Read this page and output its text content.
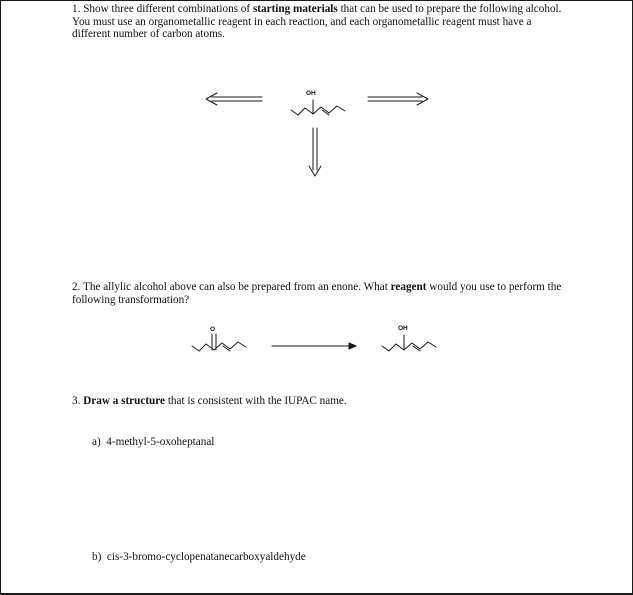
1. Show three different combinations of starting materials that can be used to prepare the following alcohol. You must use an organometallic reagent in each reaction, and each organometallic reagent must have a different number of carbon atoms.

OH
O	OH

2. The allylic alcohol above can also be prepared from an enone. What reagent would you use to perform the following transformation?

3. Draw a structure that is consistent with the IUPAC name.

a) 4-methyl-5-oxoheptanal
b) cis-3-bromo-cyclopenatanecarboxyaldehyde
